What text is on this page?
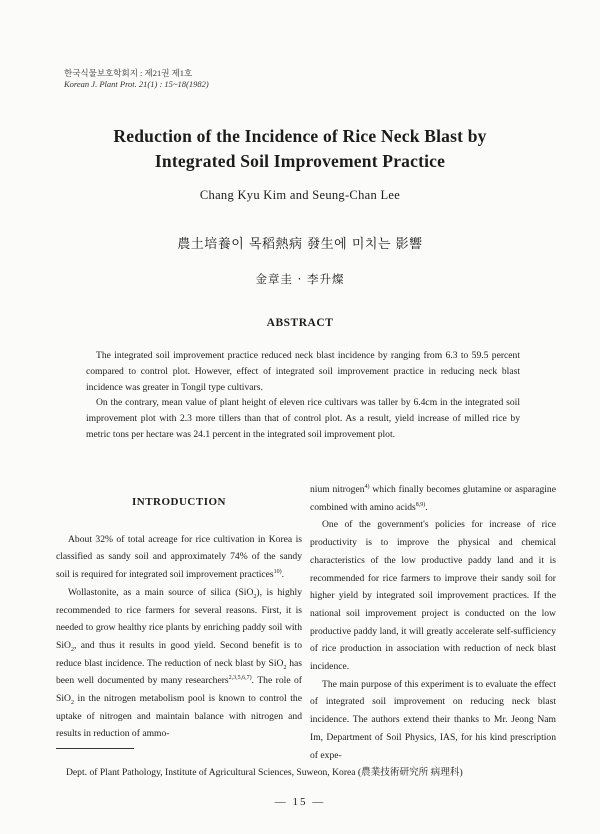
한국식물보호학회지 : 제21권 제1호
Korean J. Plant Prot. 21(1) : 15~18(1982)
Reduction of the Incidence of Rice Neck Blast by
Integrated Soil Improvement Practice
Chang Kyu Kim and Seung-Chan Lee
農土培養이 목稻熱病 發生에 미치는 影響
金章圭 · 李升燦
ABSTRACT

The integrated soil improvement practice reduced neck blast incidence by ranging from 6.3 to 59.5 percent compared to control plot. However, effect of integrated soil improvement practice in reducing neck blast incidence was greater in Tongil type cultivars.

On the contrary, mean value of plant height of eleven rice cultivars was taller by 6.4cm in the integrated soil improvement plot with 2.3 more tillers than that of control plot. As a result, yield increase of milled rice by metric tons per hectare was 24.1 percent in the integrated soil improvement plot.

INTRODUCTION

About 32% of total acreage for rice cultivation in Korea is classified as sandy soil and approximately 74% of the sandy soil is required for integrated soil improvement practices$^{10)}$.

Wollastonite, as a main source of silica (SiO$_2$), is highly recommended to rice farmers for several reasons. First, it is needed to grow healthy rice plants by enriching paddy soil with SiO$_2$, and thus it results in good yield. Second benefit is to reduce blast incidence. The reduction of neck blast by SiO$_2$ has been well documented by many researchers$^{2,3,5,6,7)}$. The role of SiO$_2$ in the nitrogen metabolism pool is known to control the uptake of nitrogen and maintain balance with nitrogen and results in reduction of ammo-

nium nitrogen$^{4)}$ which finally becomes glutamine or asparagine combined with amino acids$^{8,9)}$.

One of the government's policies for increase of rice productivity is to improve the physical and chemical characteristics of the low productive paddy land and it is recommended for rice farmers to improve their sandy soil for higher yield by integrated soil improvement practices. If the national soil improvement project is conducted on the low productive paddy land, it will greatly accelerate self-sufficiency of rice production in association with reduction of neck blast incidence.

The main purpose of this experiment is to evaluate the effect of integrated soil improvement on reducing neck blast incidence. The authors extend their thanks to Mr. Jeong Nam Im, Department of Soil Physics, IAS, for his kind prescription of expe-

Dept. of Plant Pathology, Institute of Agricultural Sciences, Suweon, Korea (農業技術研究所 病理科)
— 15 —
